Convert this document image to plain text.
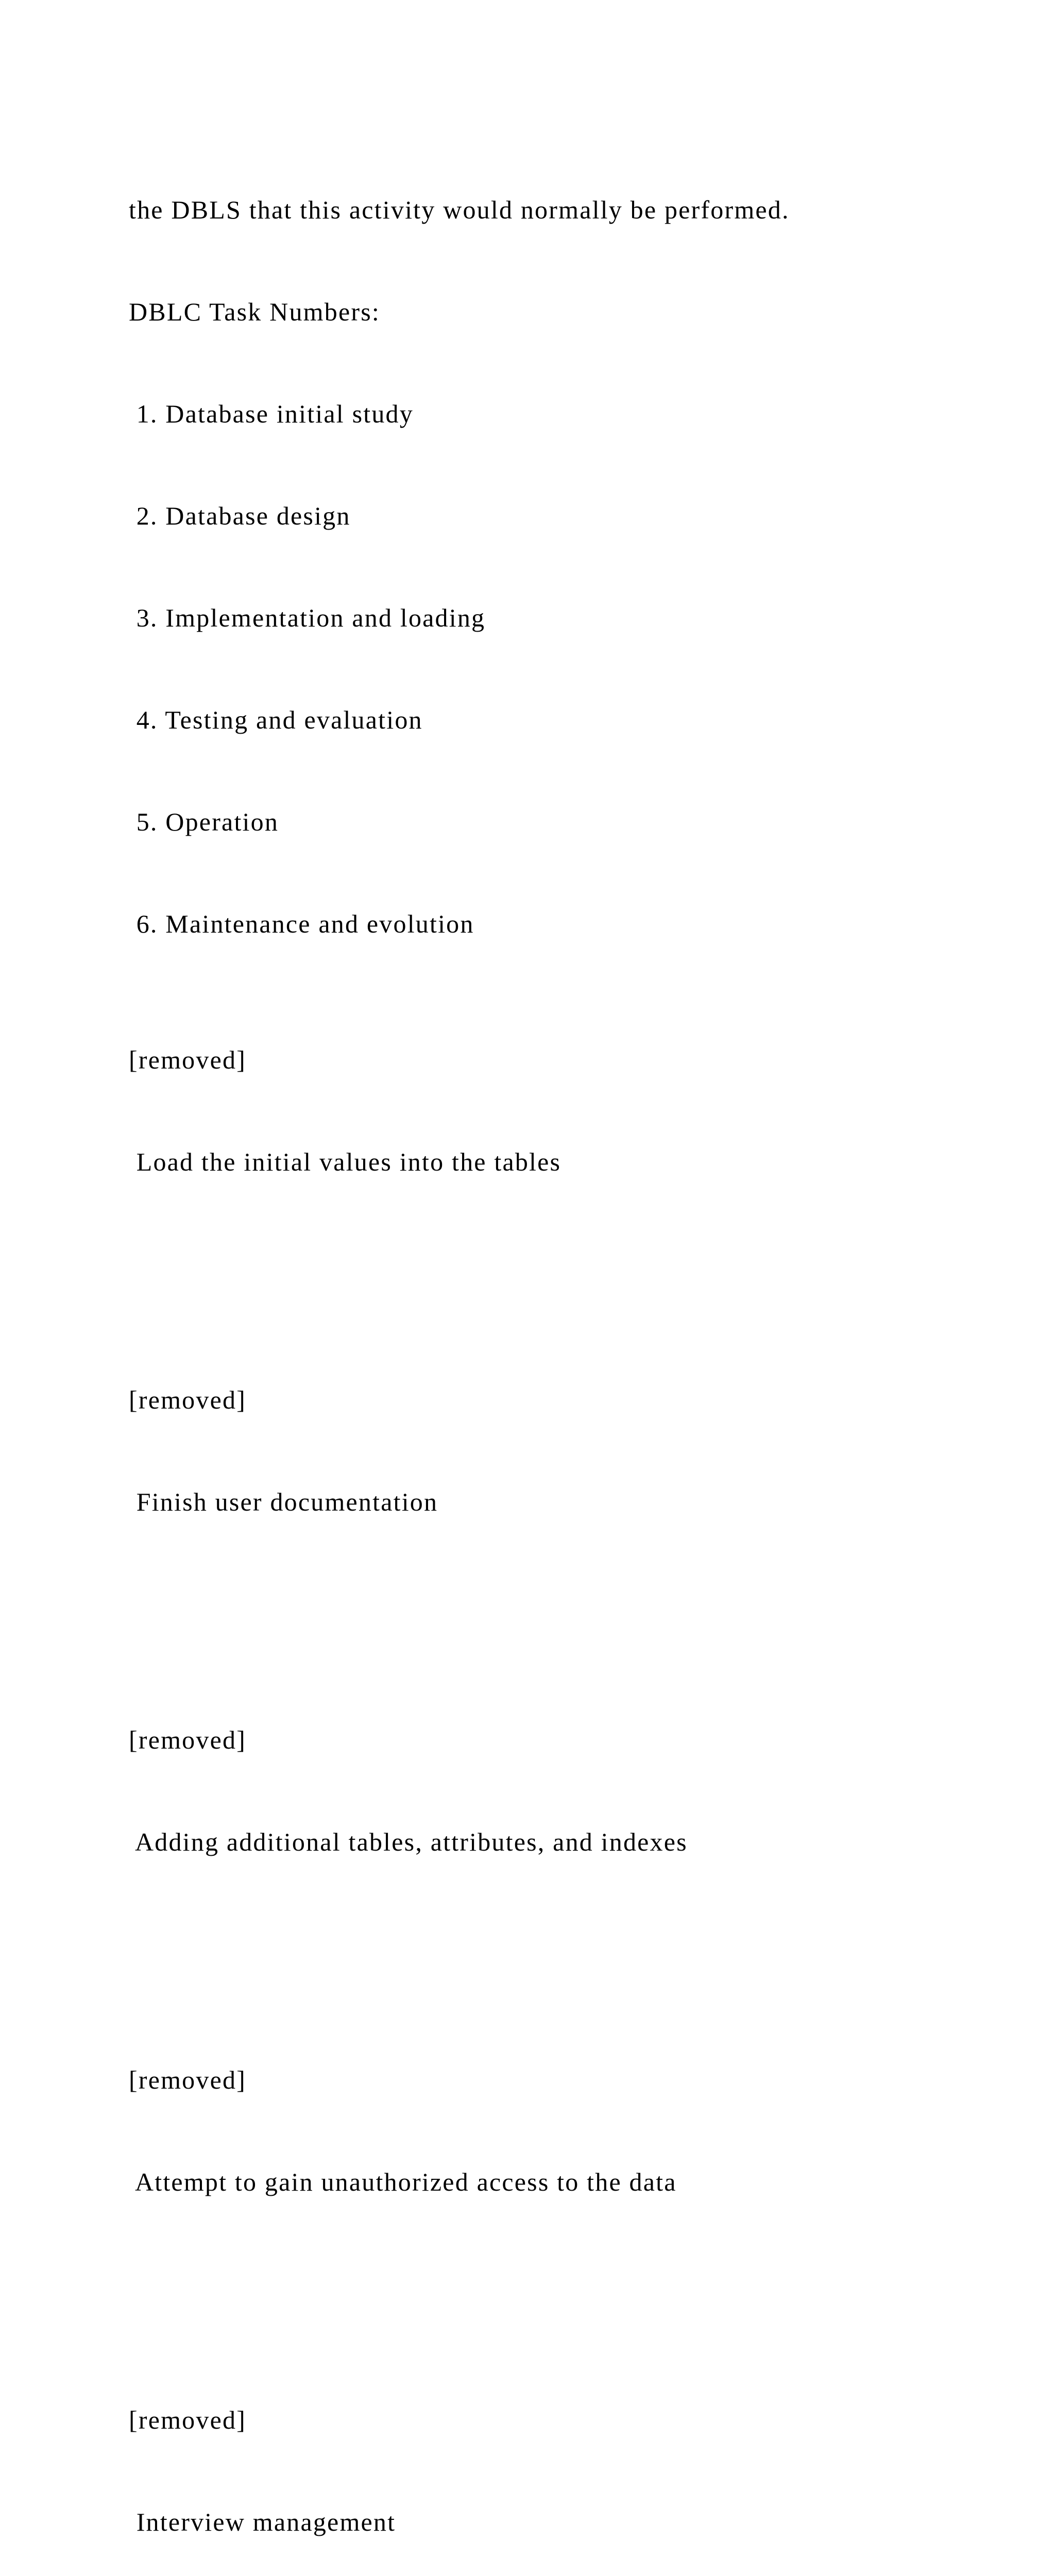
the DBLS that this activity would normally be performed.

DBLC Task Numbers:

1. Database initial study

2. Database design

3. Implementation and loading

4. Testing and evaluation

5. Operation

6. Maintenance and evolution

[removed]

Load the initial values into the tables

[removed]

Finish user documentation

[removed]

Adding additional tables, attributes, and indexes

[removed]

Attempt to gain unauthorized access to the data

[removed]

Interview management
